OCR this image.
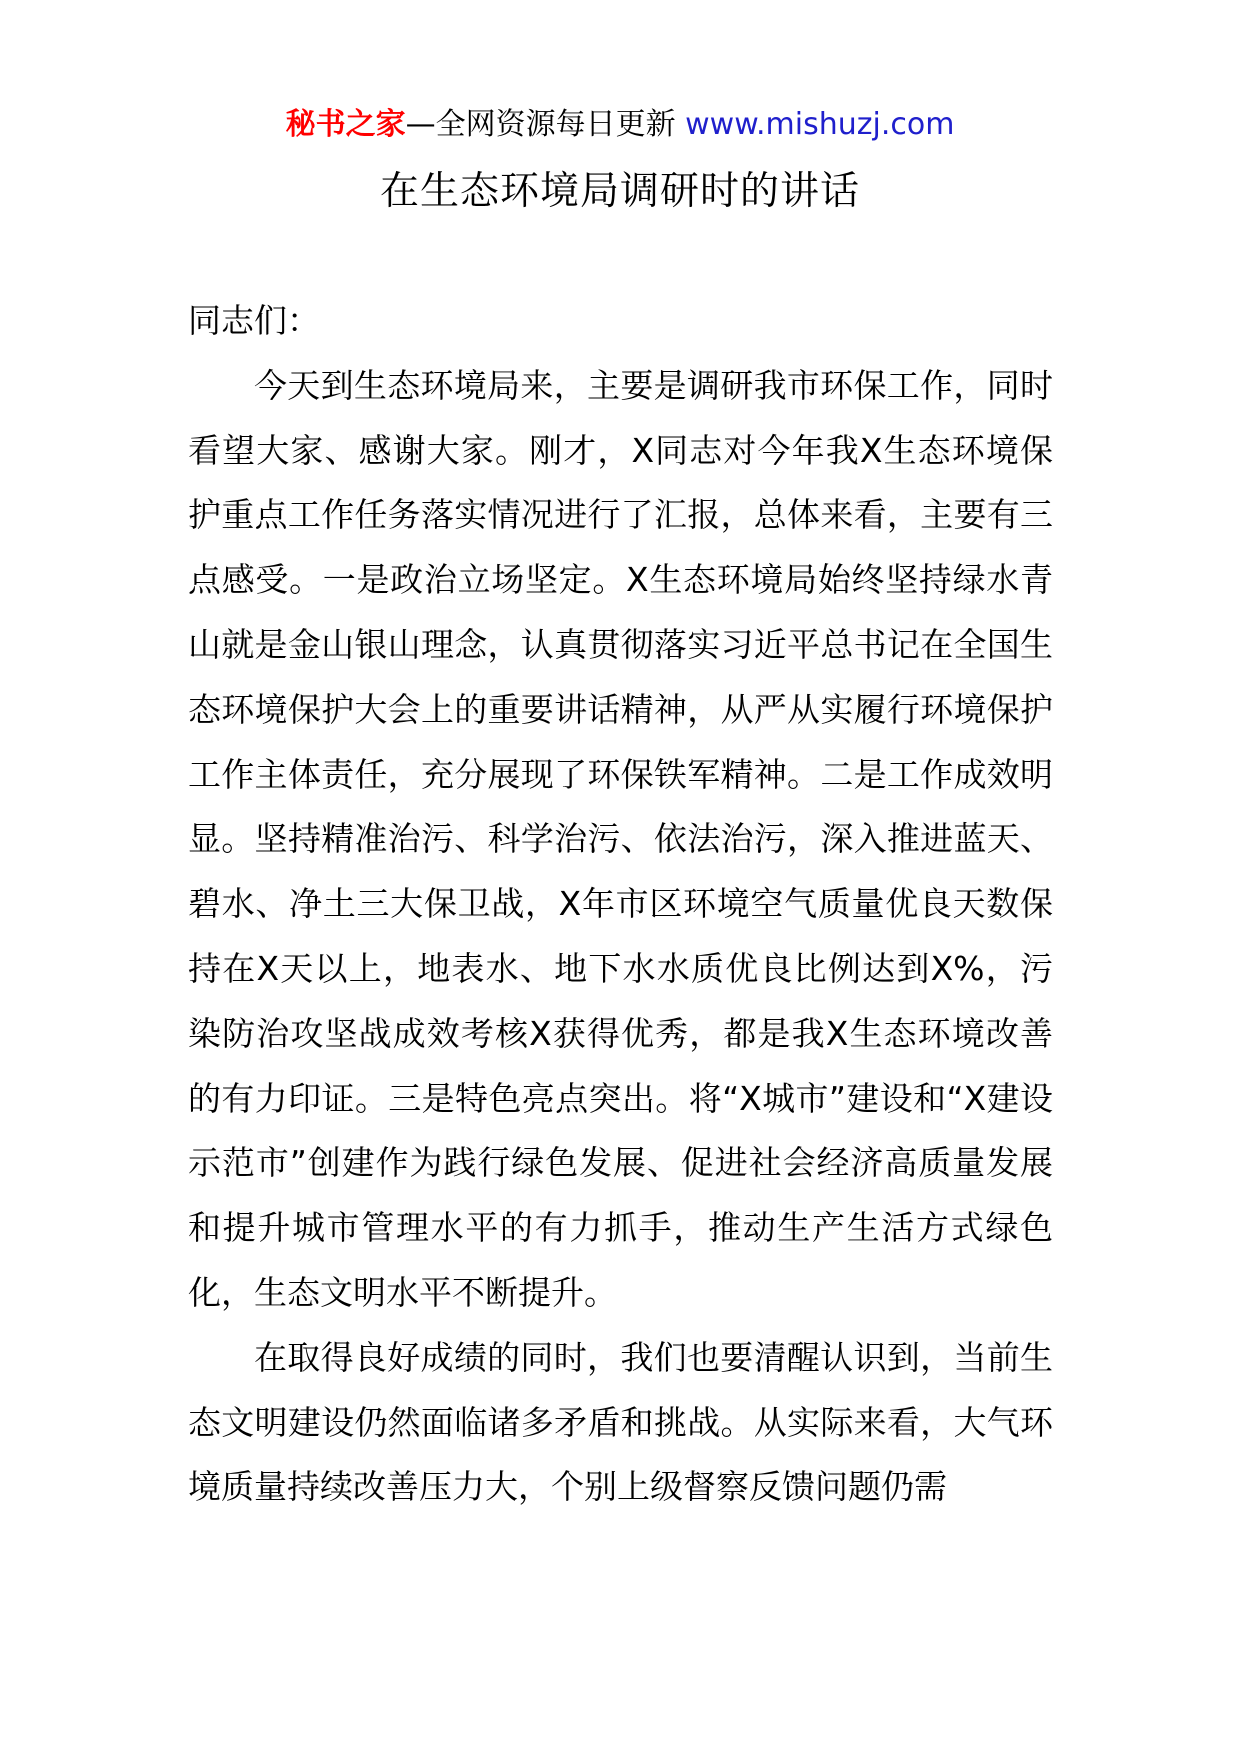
秘书之家—全网资源每日更新 www.mishuzj.com
在生态环境局调研时的讲话

同志们：

今天到生态环境局来，主要是调研我市环保工作，同时看望大家、感谢大家。刚才，X同志对今年我X生态环境保护重点工作任务落实情况进行了汇报，总体来看，主要有三点感受。一是政治立场坚定。X生态环境局始终坚持绿水青山就是金山银山理念，认真贯彻落实习近平总书记在全国生态环境保护大会上的重要讲话精神，从严从实履行环境保护工作主体责任，充分展现了环保铁军精神。二是工作成效明显。坚持精准治污、科学治污、依法治污，深入推进蓝天、碧水、净土三大保卫战，X年市区环境空气质量优良天数保持在X天以上，地表水、地下水水质优良比例达到X%，污染防治攻坚战成效考核X获得优秀，都是我X生态环境改善的有力印证。三是特色亮点突出。将“X城市”建设和“X建设示范市”创建作为践行绿色发展、促进社会经济高质量发展和提升城市管理水平的有力抓手，推动生产生活方式绿色化，生态文明水平不断提升。

在取得良好成绩的同时，我们也要清醒认识到，当前生态文明建设仍然面临诸多矛盾和挑战。从实际来看，大气环境质量持续改善压力大，个别上级督察反馈问题仍需
